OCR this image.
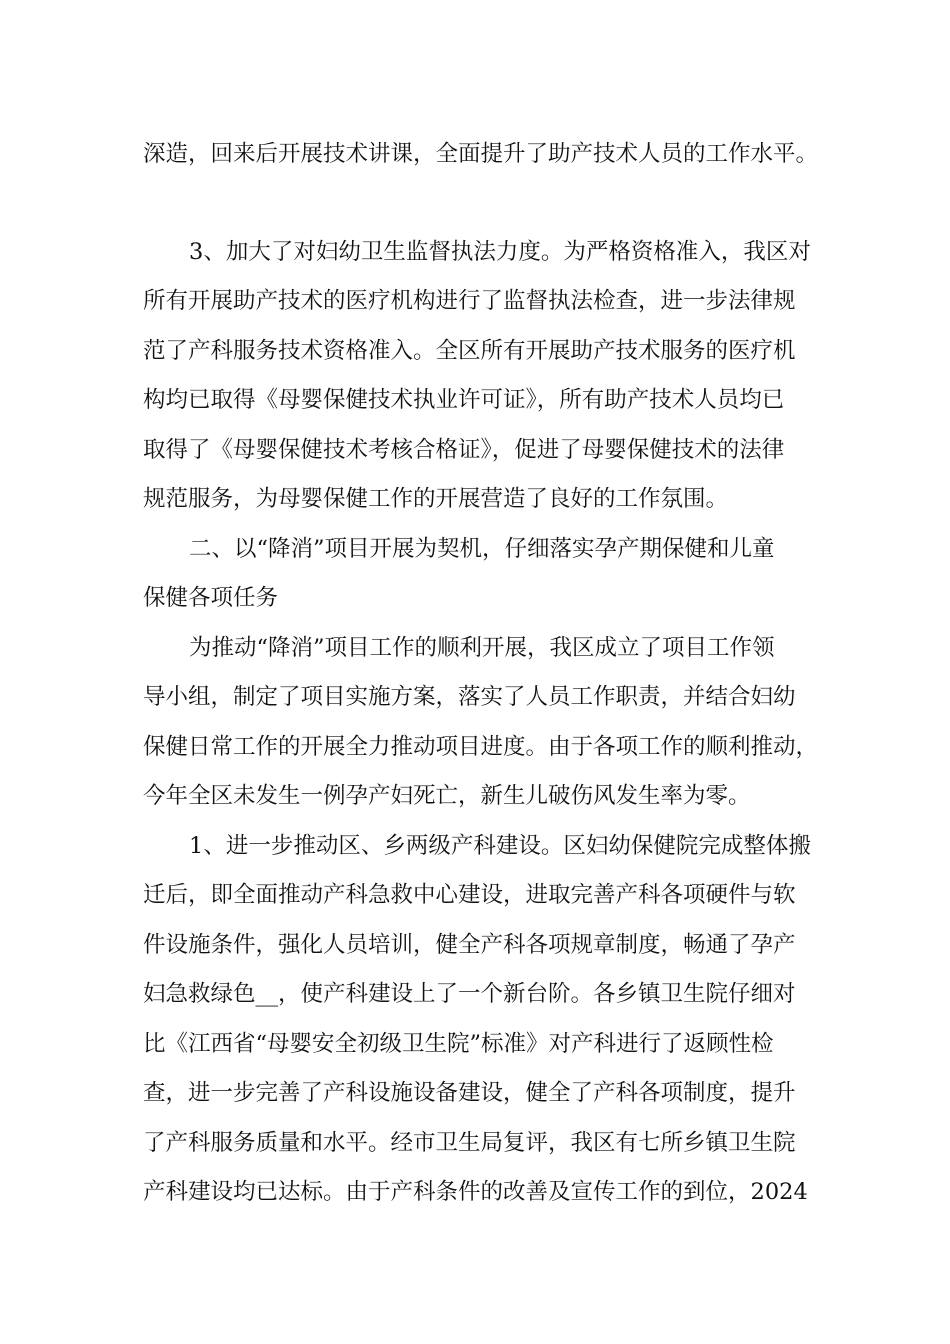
深造，回来后开展技术讲课，全面提升了助产技术人员的工作水平。
3、加大了对妇幼卫生监督执法力度。为严格资格准入，我区对
所有开展助产技术的医疗机构进行了监督执法检查，进一步法律规
范了产科服务技术资格准入。全区所有开展助产技术服务的医疗机
构均已取得《母婴保健技术执业许可证》，所有助产技术人员均已
取得了《母婴保健技术考核合格证》，促进了母婴保健技术的法律
规范服务，为母婴保健工作的开展营造了良好的工作氛围。
二、以“降消”项目开展为契机，仔细落实孕产期保健和儿童
保健各项任务
为推动“降消”项目工作的顺利开展，我区成立了项目工作领
导小组，制定了项目实施方案，落实了人员工作职责，并结合妇幼
保健日常工作的开展全力推动项目进度。由于各项工作的顺利推动，
今年全区未发生一例孕产妇死亡，新生儿破伤风发生率为零。
1、进一步推动区、乡两级产科建设。区妇幼保健院完成整体搬
迁后，即全面推动产科急救中心建设，进取完善产科各项硬件与软
件设施条件，强化人员培训，健全产科各项规章制度，畅通了孕产
妇急救绿色__，使产科建设上了一个新台阶。各乡镇卫生院仔细对
比《江西省“母婴安全初级卫生院”标准》对产科进行了返顾性检
查，进一步完善了产科设施设备建设，健全了产科各项制度，提升
了产科服务质量和水平。经市卫生局复评，我区有七所乡镇卫生院
产科建设均已达标。由于产科条件的改善及宣传工作的到位，2024
